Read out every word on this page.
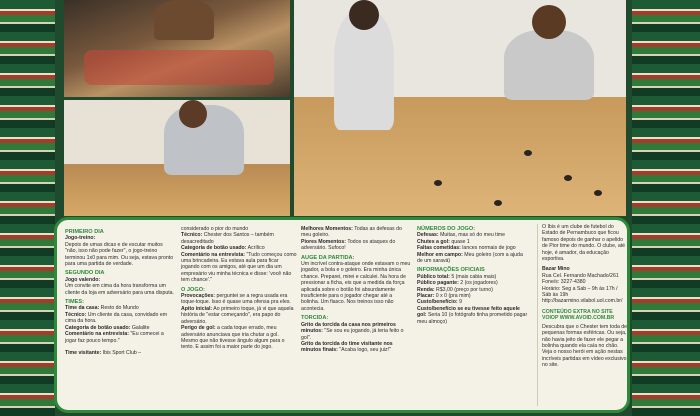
PRIMEIRO DIA

Jogo-treino:
Depois de umas dicas e de escutar muitos "não, isso não pode fazer", o jogo-treino terminou 1x0 para mim. Ou seja, estava pronto para uma partida de verdade.

SEGUNDO DIA

Jogo valendo:
Um convite em cima da hora transforma um cliente da loja em adversário para uma disputa.

TIMES:

Time da casa: Resto do Mundo
Técnico: Um cliente da casa, convidado em cima da hora.
Categoria de botão usado: Galalite
Comentário na entrevista: "Eu comecei a jogar faz pouco tempo."

Time visitante: Ibis Sport Club –

considerado o pior do mundo
Técnico: Chester dos Santos – também desacreditado
Categoria de botão usado: Acrílico
Comentário na entrevista: "Tudo começou como uma brincadeira. Eu estava aula para ficar jogando com os amigos, até que um dia um empresário viu minha técnica e disse: 'você não tem chance'."

O JOGO:

Provocações: perguntei se a regra usada era toque-toque. Isso é quase uma ofensa pra eles.
Apito inicial: Ao primeiro toque, já vi que aquela história de "estar começando", era papo do adversário.
Perigo de gol: a cada toque errado, meu adversário anunciava que iria chutar a gol. Mesmo que não tivesse ângulo algum para o tento. E assim foi a maior parte do jogo.

Melhores Momentos: Todas as defesas do meu goleiro.
Piores Momentos: Todos os ataques do adversário. Sufoco!

AUGE DA PARTIDA:

Um incrível contra-ataque onde estavam o meu jogador, a bola e o goleiro. Era minha única chance. Preparei, mirei e calculei. Na hora de pressionar a ficha, eis que a medida da força aplicada sobre o botão foi absurdamente insuficiente para o jogador chegar até a bolinha. Um fiasco. Nos treinos isso não acontecia.

TORCIDA:

Grito da torcida da casa nos primeiros minutos: "Se sou eu jogando, já teria feito o gol".
Grito da torcida do time visitante nos minutos finais: "Acaba logo, seu juiz!"

NÚMEROS DO JOGO:

Defesas: Muitas, mas só do meu time
Chutes a gol: quase 1
Faltas cometidas: lances normais de jogo
Melhor em campo: Meu goleiro (com a ajuda de um saravá)

INFORMAÇÕES OFICIAIS

Público total: 5 (mais cabia mais)
Público pagante: 2 (os jogadores)
Renda: R$3,00 (preço por turno)
Placar: 0 x 0 (pra mim)
Custo/benefício: 9
Custo/benefício se eu tivesse feito aquele gol: Seria 10 (o fotógrafo tinha prometido pagar meu almoço)

O Ibis é um clube de futebol do Estado de Pernambuco que ficou famoso depois de ganhar o apelido de Pior time do mundo. O clube, até hoje, é amador, da educação esportiva.

Bazar Mino
Rua Cel. Fernando Machado/261
Fone/s: 3227-4380
Horário: Seg a Sab – 9h às 17h / Sáb às 19h
http://bazarmino.vilabol.uol.com.br/

CONTEÚDO EXTRA NO SITE VOIOP WWW.AVOID.COM.BR

Descubra que o Chester tem toda de pequenas formas esféricas. Ou seja, não havia jeito de fazer ele pegar a bolinha quando ela caía no chão. Veja o nosso herói em ação nestas incríveis partidas em vídeo exclusivo no site.
